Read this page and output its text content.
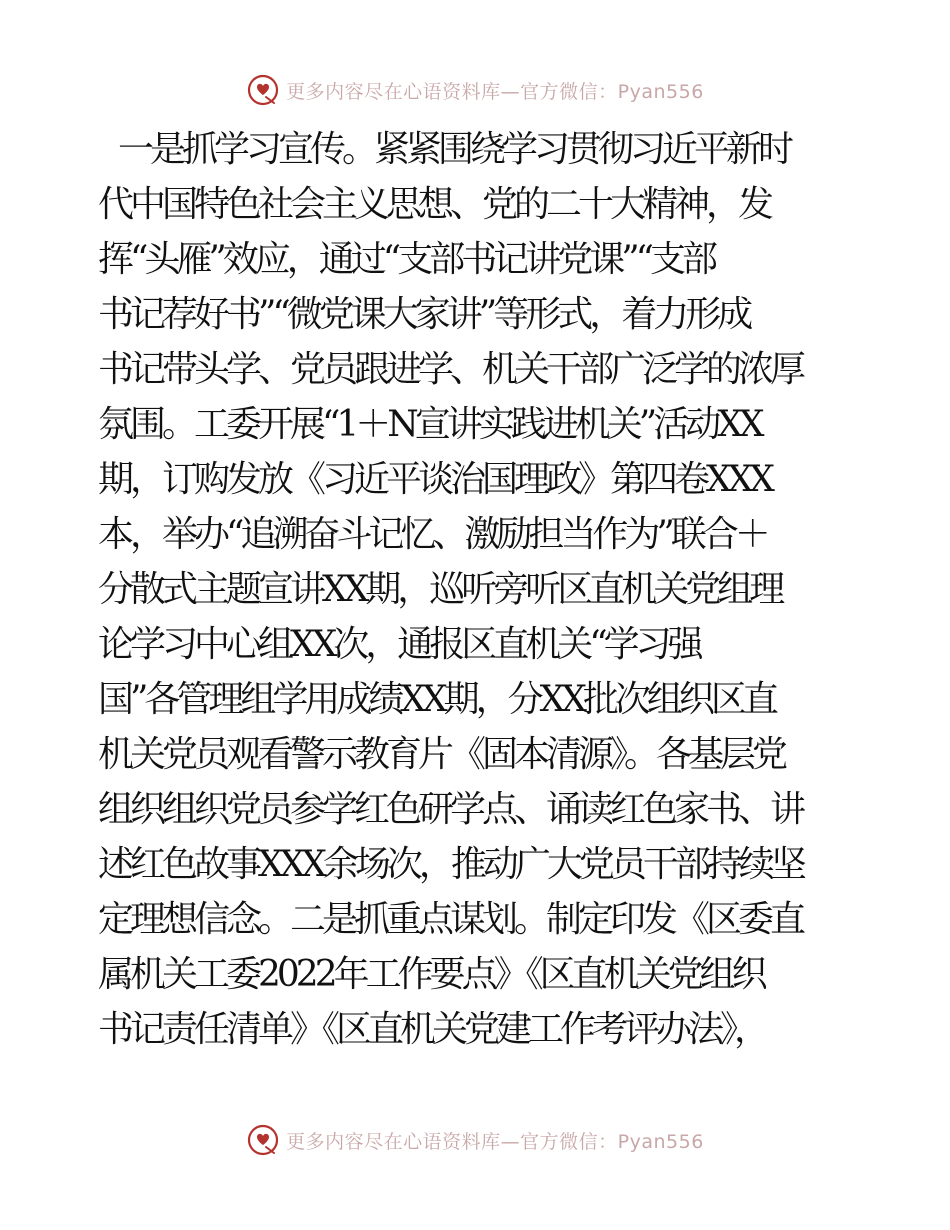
更多内容尽在心语资料库—官方微信：Pyan556
一是抓学习宣传。紧紧围绕学习贯彻习近平新时
代中国特色社会主义思想、党的二十大精神，发
挥“头雁”效应，通过“支部书记讲党课”“支部
书记荐好书”“微党课大家讲”等形式，着力形成
书记带头学、党员跟进学、机关干部广泛学的浓厚
氛围。工委开展“1＋N宣讲实践进机关”活动XX
期，订购发放《习近平谈治国理政》第四卷XXX
本，举办“追溯奋斗记忆、激励担当作为”联合＋
分散式主题宣讲XX期，巡听旁听区直机关党组理
论学习中心组XX次，通报区直机关“学习强
国”各管理组学用成绩XX期，分XX批次组织区直
机关党员观看警示教育片《固本清源》。各基层党
组织组织党员参学红色研学点、诵读红色家书、讲
述红色故事XXX余场次，推动广大党员干部持续坚
定理想信念。二是抓重点谋划。制定印发《区委直
属机关工委2022年工作要点》《区直机关党组织
书记责任清单》《区直机关党建工作考评办法》，
更多内容尽在心语资料库—官方微信：Pyan556
